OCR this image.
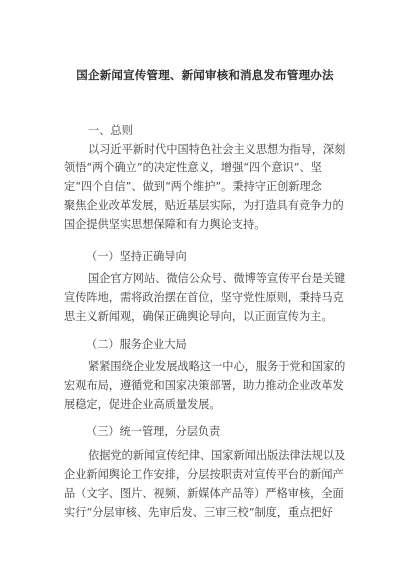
国企新闻宣传管理、新闻审核和消息发布管理办法
一、总则
以习近平新时代中国特色社会主义思想为指导，深刻
领悟“两个确立”的决定性意义，增强“四个意识”、坚
定“四个自信”、做到“两个维护”。秉持守正创新理念
聚焦企业改革发展，贴近基层实际，为打造具有竞争力的
国企提供坚实思想保障和有力舆论支持。
（一）坚持正确导向
国企官方网站、微信公众号、微博等宣传平台是关键
宣传阵地，需将政治摆在首位，坚守党性原则，秉持马克
思主义新闻观，确保正确舆论导向，以正面宣传为主。
（二）服务企业大局
紧紧围绕企业发展战略这一中心，服务于党和国家的
宏观布局，遵循党和国家决策部署，助力推动企业改革发
展稳定，促进企业高质量发展。
（三）统一管理，分层负责
依据党的新闻宣传纪律、国家新闻出版法律法规以及
企业新闻舆论工作安排，分层按职责对宣传平台的新闻产
品（文字、图片、视频、新媒体产品等）严格审核，全面
实行“分层审核、先审后发、三审三校”制度，重点把好
